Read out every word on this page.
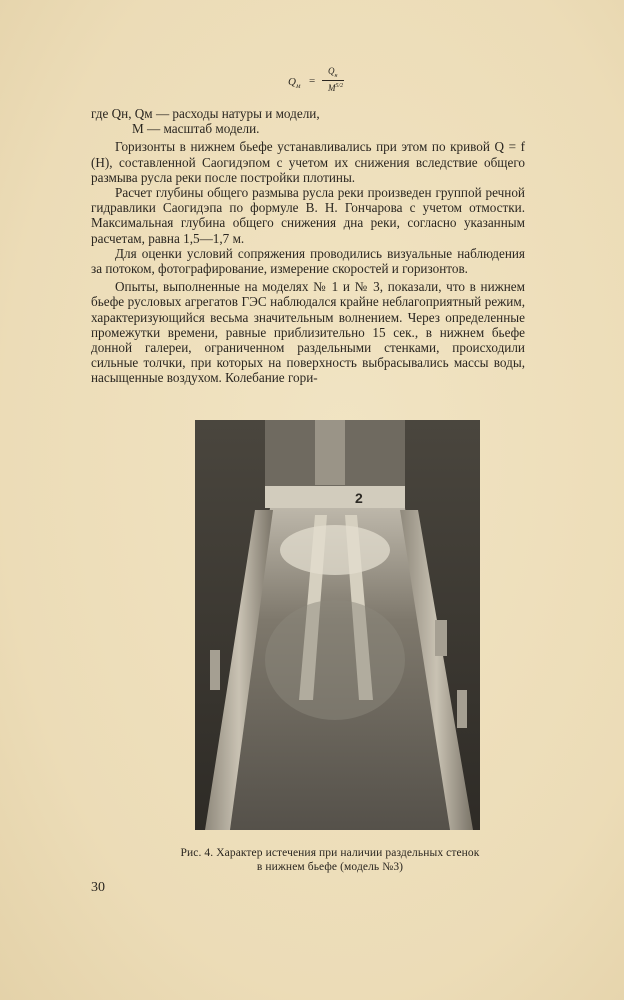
$Q_м$ =
$Q_н$
$M^{5/2}$

где Qн, Qм — расходы натуры и модели,

M — масштаб модели.

Горизонты в нижнем бьефе устанавливались при этом по кривой Q = f (H), составленной Саогидэпом с учетом их снижения вследствие общего размыва русла реки после постройки плотины.

Расчет глубины общего размыва русла реки произведен группой речной гидравлики Саогидэпа по формуле В. Н. Гончарова с учетом отмостки. Максимальная глубина общего снижения дна реки, согласно указанным расчетам, равна 1,5—1,7 м.

Для оценки условий сопряжения проводились визуальные наблюдения за потоком, фотографирование, измерение скоростей и горизонтов.

Опыты, выполненные на моделях № 1 и № 3, показали, что в нижнем бьефе русловых агрегатов ГЭС наблюдался крайне неблагоприятный режим, характеризующийся весьма значительным волнением. Через определенные промежутки времени, равные приблизительно 15 сек., в нижнем бьефе донной галереи, ограниченном раздельными стенками, происходили сильные толчки, при которых на поверхность выбрасывались массы воды, насыщенные воздухом. Колебание гори-

2
Рис. 4. Характер истечения при наличии раздельных стенок
в нижнем бьефе (модель №3)
30
